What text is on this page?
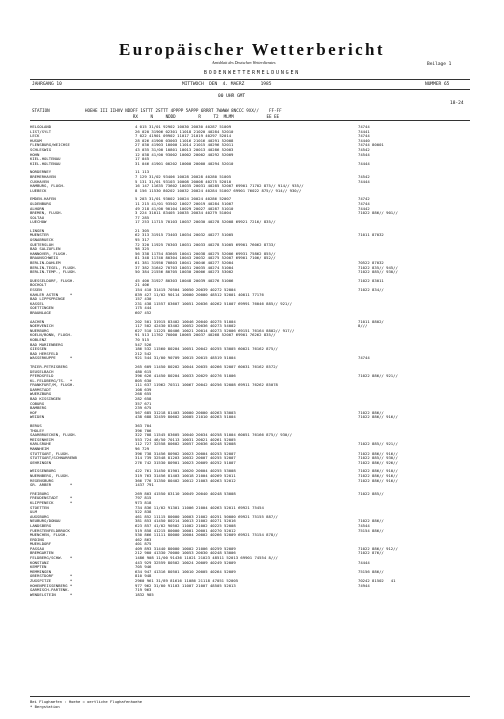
Europäischer Wetterbericht
Amtsblatt des Deutschen Wetterdienstes	Beilage 1
BODENWETTERMELDUNGEN
JAHRGANG 10	MITTWOCH  DEN  4. MAERZ      1985	NUMMER 65
00 UHR GMT
18-24
STATION              HOEHE III IIHVV NDDFF 1STTT 2STTT 4PPPP 5APPP 6RRRT 7WWWW 8NCCC 9XX//    FF-FF
RX     N     NDDD         R     T2  MLMM             EE EE
HELGOLAND	4 015 31/01 92902 10030 20030 40287 51009	74744
LIST/SYLT	26 020 31906 02301 11018 21020 40284 52010	74441
LECK	7 022 41901 09902 11017 21019 40297 52014	74744
HUSUM	28 026 41900 03003 11016 21016 40291 52008	74440
FLENSBURG/WEICHSE	27 030 41903 10000 11014 21015 40296 52011	74744 80001
SCHLESWIG	43 035 31/00 10801 10013 20013 40286 52003	74542
HOHN	12 038 41/00 93002 10002 20002 40292 52009	74544
KIEL-HOLTENAU	17 045
KIEL-HOLTENAU	31 046 41901 00202 10000 20000 40294 52010	74444
NORDERNEY	11 113
BREMERHAVEN	7 129 31/02 93406 10028 20028 40280 51005	74542
CUXHAVEN	5 131 31/01 93103 10008 20008 40275 52010	74444
HAMBURG, FLUGH.	16 147 11635 73602 10035 20031 40285 52007 69901 71702 875// 914// 935//
LUEBECK	8 156 11530 80202 10032 20024 40284 51007 69901 76022 875// 914// 930//
EMDEN-HAFEN	5 203 31/01 93002 10024 20024 40286 52007	74742
OLDENBURG	11 215 41/01 93502 10027 20019 40284 51007	74744
ALHORN	49 218 41/00 90104 10029 20027 40287 51010	74442
BREMEN, FLUGH.	3 224 31011 83405 10035 20034 40279 51004	71022 886// 901//
SOLTAU	77 285
LUECHOW	17 253 11715 70103 10037 20030 40278 52008 69921 7216/ 835//
LINGEN	21 305
MUENSTER	62 313 31915 73403 10034 20032 40277 51005	71011 87032
OSNABRUECK	95 317
GUETERSLOH	72 320 11925 70303 10031 20033 40278 51005 69901 76062 8733/
BAD SALZUFLEN	98 325
HANNOVER, FLUGH.	56 338 11754 83605 10041 20038 40275 52006 69931 75862 855//
BRAUNSCHWEIG	81 348 11740 80304 10043 20032 40275 52007 69901 7106/ 852//
BERLIN-DAHLEM	61 381 31950 70803 10041 20046 40277 52004	70522 87032
BERLIN-TEGEL, FLUGH.	37 382 31642 70703 10031 20035 40274 51004	71022 835// 945//
BERLIN-TEMP., FLUGH.	50 384 21556 80705 10030 20006 40273 53002	71022 885// 930//
DUESSELDORF, FLUGH.	45 400 31927 80303 10048 20039 40276 51006	71022 83011
BOCHOLT	21 406
ESSEN	154 410 31415 70504 10050 20039 40272 52004	71022 834//
KAHLER ASTEN     *	839 427 11/02 90114 10000 20000 48512 52001 40011 77176
BAD LIPPSPRINGE	157 430
KASSEL	231 438 11557 83607 10051 20036 40262 51007 69991 76046 885// 921//
GOETTINGEN	175 444
BRAUNLAGE	607 452
AACHEN	202 501 31915 83402 10046 20040 40275 51004	71011 8802/
NOERVENICH	117 502 42430 83402 10052 20036 40273 54002	8///
NUERBURG	627 510 11225 80406 10021 20014 40273 52006 69151 76164 8802// 917//
KOELN/BONN, FLUGH.	91 513 11762 70000 10065 20037 40268 52007 69901 76262 835//
KOBLENZ	70 515
BAD MARIENBERG	547 526
GIESSEN	186 532 11560 80204 10051 20042 40255 53005 60021 76162 875//
BAD HERSFELD	212 542
WASSERKUPPE      *	921 544 31/00 90709 10015 20015 48519 51004	74744
TRIER-PETRISBERG	265 609 11450 80202 10044 20035 40266 52007 60031 76162 8572/
DEUSELBACH	480 615
PFERDSFELD	396 626 41450 80204 10033 20029 40276 51006	71022 886// 921//
KL.FELDBERG/TS.  *	805 630
FRANKFURT/M, FLUGH.	111 637 11962 70311 10067 20042 40256 52008 69911 76262 85078
DARMSTADT	108 639
WUERZBURG	268 655
BAD KISSINGEN	282 658
COBURG	357 671
BAMBERG	239 675
HOF	567 685 31218 81403 10000 20000 40263 53003	71022 886//
WEIDEN	438 688 32459 80602 10005 21010 40263 51004	71022 886// 916//
BERUS	363 704
THOLEY	396 706
SAARBRUECKEN, FLUGH.	322 708 11545 83605 10040 20034 40258 51004 60051 76166 875// 930//
MEISENHEIM	553 724 46/50 70113 10031 20021 40261 52005
KARLSRUHE	112 727 32558 80602 10057 20036 40248 52008	71022 885// 921//
MANNHEIM	96 729
STUTTGART, FLUGH.	396 738 31456 80902 10023 20004 40253 52007	71022 886// 916//
STUTTGART/SCHNARRENB	314 739 32548 81203 10032 20007 40255 52007	71022 885// 930//
OEHRINGEN	276 742 31530 80901 10023 20009 40252 51007	71022 886// 926//
WEISSENBURG	422 761 31450 81901 10020 20004 40255 53008	71022 886// 910//
NUERNBERG, FLUGH.	319 763 31456 81403 10018 21004 40269 52011	71022 886// 916//
REGENSBURG	366 776 31350 80402 10012 21003 40263 52012	71022 886// 916//
GR. ARBER        *	1437 791
FREIBURG	269 803 41550 83110 10049 20040 40248 53008	71022 885//
FREUDENSTADT     *	797 815
KLIPPENECK       *	973 818
STOETTEN	734 836 11/02 91301 11006 21004 40263 52011 69921 75454
ULM	522 838
AUGSBURG	461 852 11115 80000 10003 21002 40251 50000 69921 75155 887//
NEUBURG/DONAU	381 853 41450 80214 10013 21002 40271 52016	71022 886//
LANDSBERG	623 857 41/02 90502 11002 21002 40225 52008	74544
FUERSTENFELDBRUCK	519 858 41215 80000 10001 20001 40270 52012	75154 886//
MUENCHEN, FLUGH.	530 866 11111 80000 10004 20002 40266 52009 69921 75154 878//
ERDING	462 863
MUEHLDORF	401 875
PASSAU	409 893 31440 80000 10002 21006 40259 52009	71022 886// 912//
BREMGARTEN	212 900 41330 70000 10053 20030 40248 53006	71022 876//
FELDBERG/SCHW.   *	1486 908 11/00 91436 11021 21023 48511 52013 69901 74554 8///
KONSTANZ	443 929 32559 80502 10024 20009 40249 52009	74444
KEMPTEN	705 946
MEMMINGEN	634 947 41316 80501 10010 20005 40264 52009	75156 886//
OBERSTDORF       *	810 948
ZUGSPITZE        *	2960 961 31/89 81616 11086 21118 47051 52005	70242 81502   41
HOHENPEISSENBERG *	977 962 31/00 91103 11007 21007 48505 52013	74944
GARMISCH-PARTENK.	719 963
WENDELSTEIN      *	1832 985
Bei Flughaefen : Hoehe = oertliche Flughafenhoehe
* Bergstation
